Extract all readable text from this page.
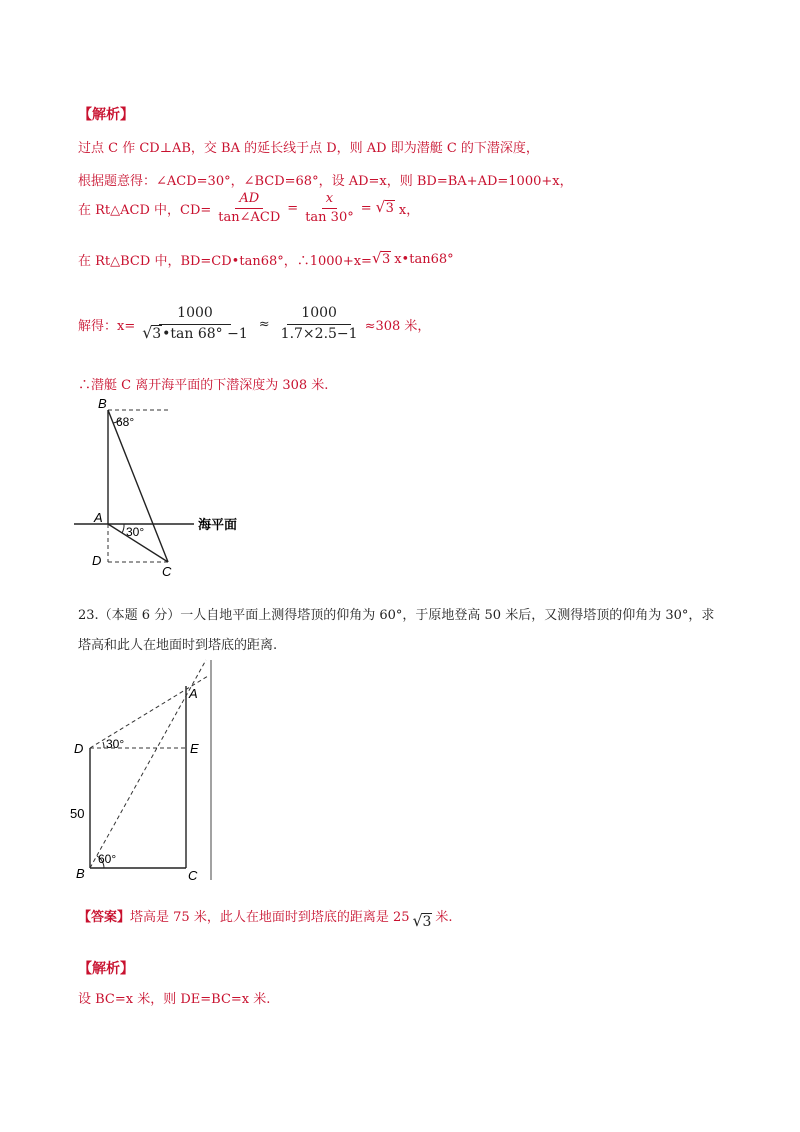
【解析】
过点 C 作 CD⊥AB，交 BA 的延长线于点 D，则 AD 即为潜艇 C 的下潜深度，
根据题意得：∠ACD=30°，∠BCD=68°，设 AD=x，则 BD=BA+AD=1000+x，
在 Rt△ACD 中，$CD= \frac{AD}{\text{tan∠ACD}} = \frac{x}{\tan 30^\circ}$ = √ 3 x，
在 Rt△BCD 中，BD=CD•tan68°，∴1000+x= √ 3 x•tan68°
解得：$x= \frac{1000}{√ 3 •\tan 68^\circ -1} \approx \frac{1000}{1.7\times 2.5-1} \approx 308$ 米，
∴潜艇 C 离开海平面的下潜深度为 308 米.
B
A
D
C
68°
30°	海平面
23.（本题 6 分）一人自地平面上测得塔顶的仰角为 60°，于原地登高 50 米后，又测得塔顶的仰角为 30°，求
塔高和此人在地面时到塔底的距离.
A
D	E
B	C
50
30°
60°
【答案】 塔高是 75 米，此人在地面时到塔底的距离是 25 √ 3 米.
【解析】
设 BC=x 米，则 DE=BC=x 米.
